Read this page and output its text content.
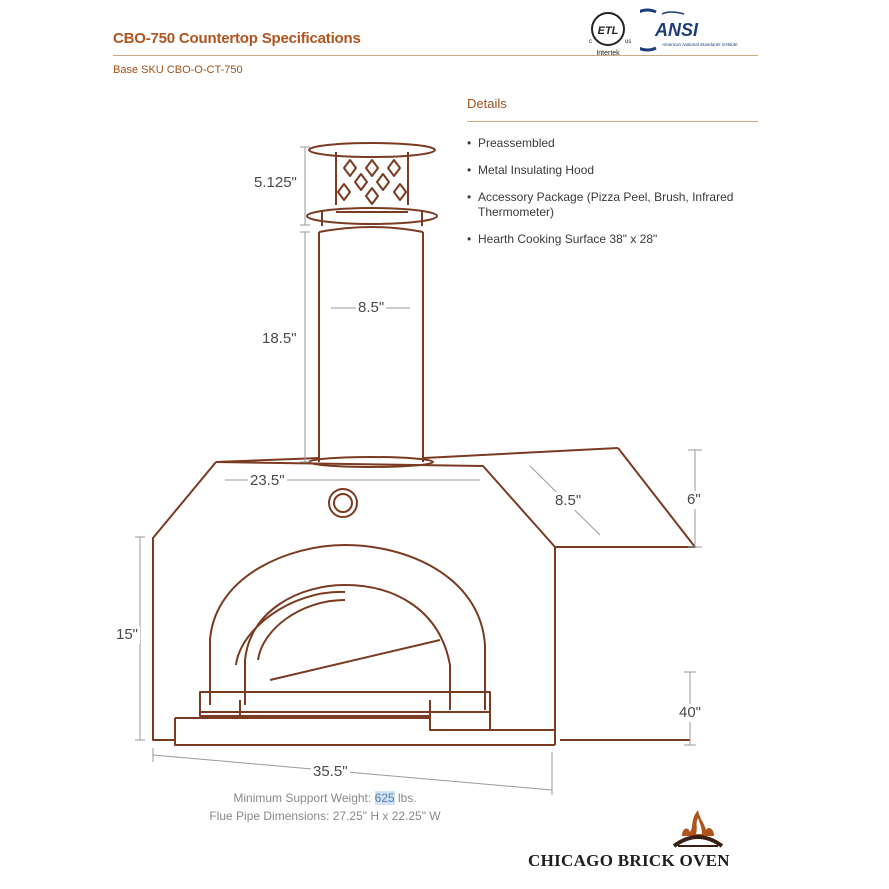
CBO-750 Countertop Specifications
Base SKU CBO-O-CT-750
ETL
c	us
Intertek
ANSI
American National Standards Institute
Details
• Preassembled
• Metal Insulating Hood
• Accessory Package (Pizza Peel, Brush, Infrared Thermometer)
• Hearth Cooking Surface 38" x 28"
5.125"
18.5"
8.5"
23.5"
8.5"	6"
15"
40"
35.5"
Minimum Support Weight: 625 lbs.
Flue Pipe Dimensions: 27.25" H x 22.25" W
CHICAGO BRICK OVEN
